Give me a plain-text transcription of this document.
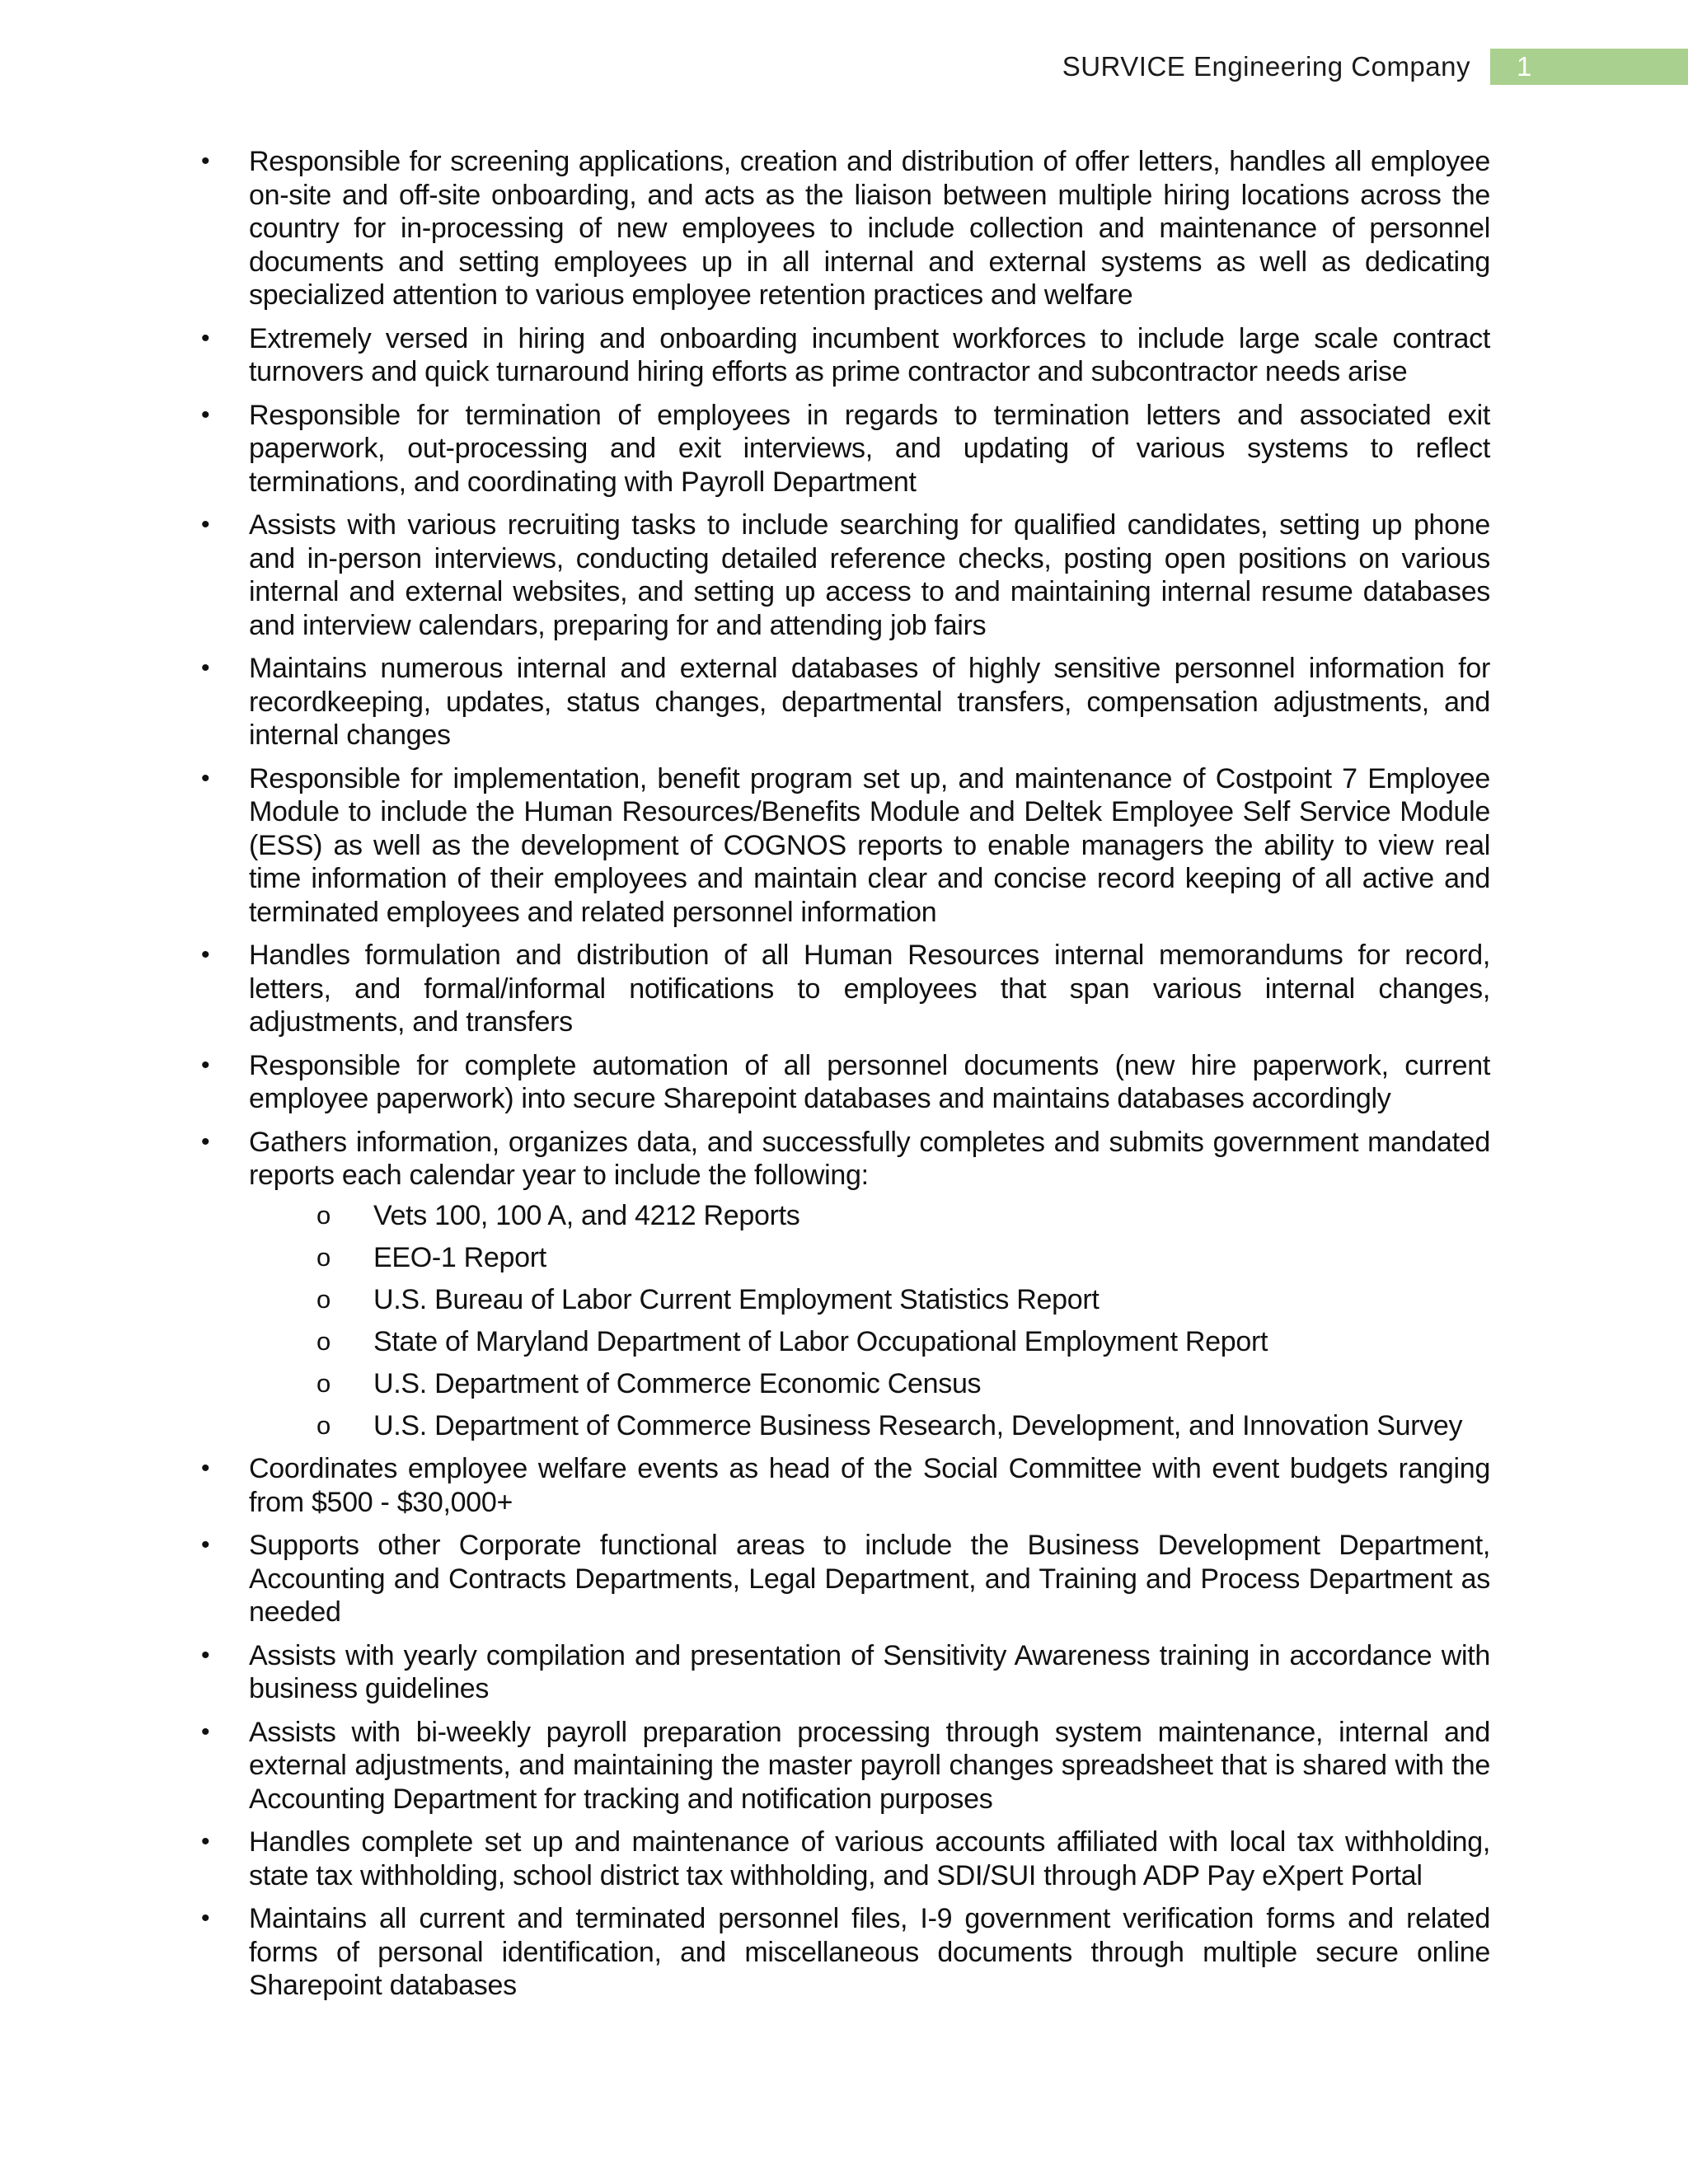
SURVICE Engineering Company	1
• Responsible for screening applications, creation and distribution of offer letters, handles all employee on-site and off-site onboarding, and acts as the liaison between multiple hiring locations across the country for in-processing of new employees to include collection and maintenance of personnel documents and setting employees up in all internal and external systems as well as dedicating specialized attention to various employee retention practices and welfare
• Extremely versed in hiring and onboarding incumbent workforces to include large scale contract turnovers and quick turnaround hiring efforts as prime contractor and subcontractor needs arise
• Responsible for termination of employees in regards to termination letters and associated exit paperwork, out-processing and exit interviews, and updating of various systems to reflect terminations, and coordinating with Payroll Department
• Assists with various recruiting tasks to include searching for qualified candidates, setting up phone and in-person interviews, conducting detailed reference checks, posting open positions on various internal and external websites, and setting up access to and maintaining internal resume databases and interview calendars, preparing for and attending job fairs
• Maintains numerous internal and external databases of highly sensitive personnel information for recordkeeping, updates, status changes, departmental transfers, compensation adjustments, and internal changes
• Responsible for implementation, benefit program set up, and maintenance of Costpoint 7 Employee Module to include the Human Resources/Benefits Module and Deltek Employee Self Service Module (ESS) as well as the development of COGNOS reports to enable managers the ability to view real time information of their employees and maintain clear and concise record keeping of all active and terminated employees and related personnel information
• Handles formulation and distribution of all Human Resources internal memorandums for record, letters, and formal/informal notifications to employees that span various internal changes, adjustments, and transfers
• Responsible for complete automation of all personnel documents (new hire paperwork, current employee paperwork) into secure Sharepoint databases and maintains databases accordingly
• Gathers information, organizes data, and successfully completes and submits government mandated reports each calendar year to include the following:
o Vets 100, 100 A, and 4212 Reports
o EEO-1 Report
o U.S. Bureau of Labor Current Employment Statistics Report
o State of Maryland Department of Labor Occupational Employment Report
o U.S. Department of Commerce Economic Census
o U.S. Department of Commerce Business Research, Development, and Innovation Survey
• Coordinates employee welfare events as head of the Social Committee with event budgets ranging from $500 - $30,000+
• Supports other Corporate functional areas to include the Business Development Department, Accounting and Contracts Departments, Legal Department, and Training and Process Department as needed
• Assists with yearly compilation and presentation of Sensitivity Awareness training in accordance with business guidelines
• Assists with bi-weekly payroll preparation processing through system maintenance, internal and external adjustments, and maintaining the master payroll changes spreadsheet that is shared with the Accounting Department for tracking and notification purposes
• Handles complete set up and maintenance of various accounts affiliated with local tax withholding, state tax withholding, school district tax withholding, and SDI/SUI through ADP Pay eXpert Portal
• Maintains all current and terminated personnel files, I-9 government verification forms and related forms of personal identification, and miscellaneous documents through multiple secure online Sharepoint databases
